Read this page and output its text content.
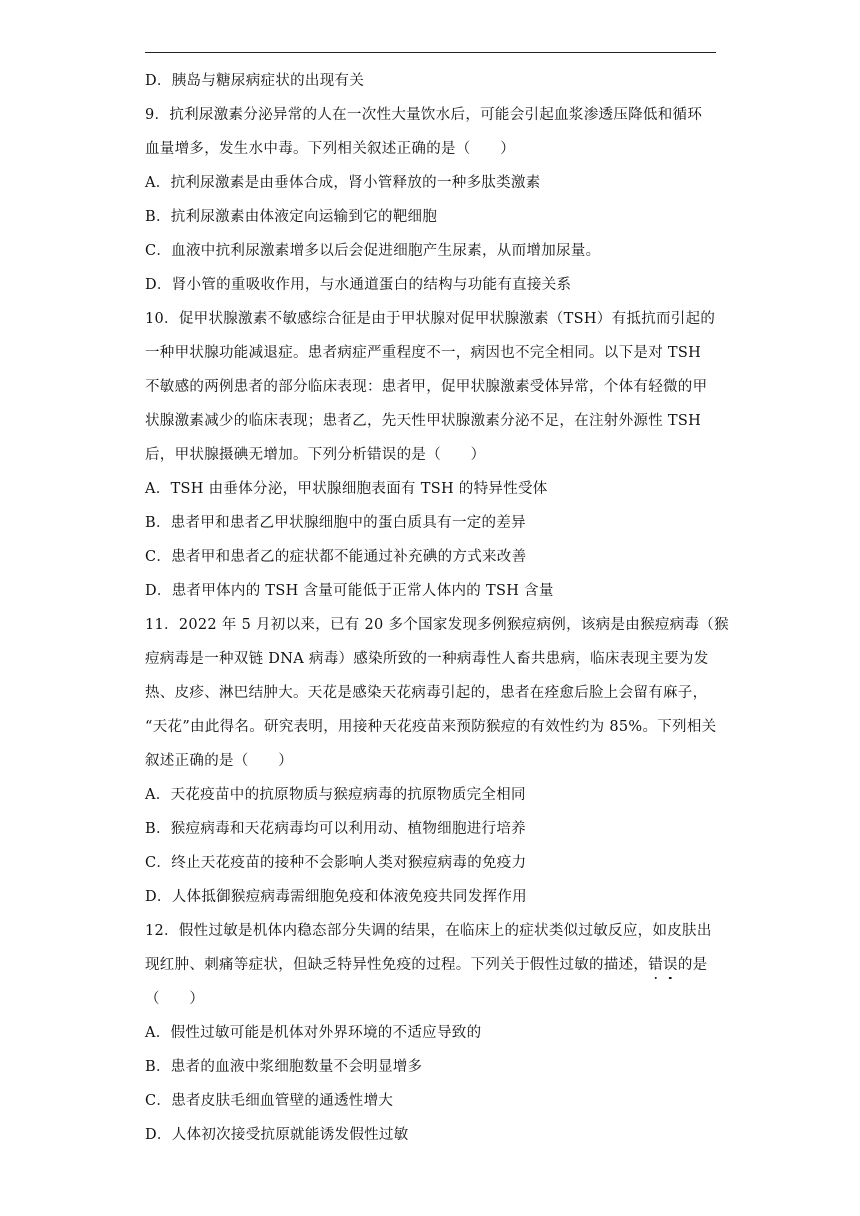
D．胰岛与糖尿病症状的出现有关
9．抗利尿激素分泌异常的人在一次性大量饮水后，可能会引起血浆渗透压降低和循环
血量增多，发生水中毒。下列相关叙述正确的是（　　）
A．抗利尿激素是由垂体合成，肾小管释放的一种多肽类激素
B．抗利尿激素由体液定向运输到它的靶细胞
C．血液中抗利尿激素增多以后会促进细胞产生尿素，从而增加尿量。
D．肾小管的重吸收作用，与水通道蛋白的结构与功能有直接关系
10．促甲状腺激素不敏感综合征是由于甲状腺对促甲状腺激素（TSH）有抵抗而引起的
一种甲状腺功能减退症。患者病症严重程度不一，病因也不完全相同。以下是对 TSH
不敏感的两例患者的部分临床表现：患者甲，促甲状腺激素受体异常，个体有轻微的甲
状腺激素减少的临床表现；患者乙，先天性甲状腺激素分泌不足，在注射外源性 TSH
后，甲状腺摄碘无增加。下列分析错误的是（　　）
A．TSH 由垂体分泌，甲状腺细胞表面有 TSH 的特异性受体
B．患者甲和患者乙甲状腺细胞中的蛋白质具有一定的差异
C．患者甲和患者乙的症状都不能通过补充碘的方式来改善
D．患者甲体内的 TSH 含量可能低于正常人体内的 TSH 含量
11．2022 年 5 月初以来，已有 20 多个国家发现多例猴痘病例，该病是由猴痘病毒（猴
痘病毒是一种双链 DNA 病毒）感染所致的一种病毒性人畜共患病，临床表现主要为发
热、皮疹、淋巴结肿大。天花是感染天花病毒引起的，患者在痊愈后脸上会留有麻子，
“天花”由此得名。研究表明，用接种天花疫苗来预防猴痘的有效性约为 85%。下列相关
叙述正确的是（　　）
A．天花疫苗中的抗原物质与猴痘病毒的抗原物质完全相同
B．猴痘病毒和天花病毒均可以利用动、植物细胞进行培养
C．终止天花疫苗的接种不会影响人类对猴痘病毒的免疫力
D．人体抵御猴痘病毒需细胞免疫和体液免疫共同发挥作用
12．假性过敏是机体内稳态部分失调的结果，在临床上的症状类似过敏反应，如皮肤出
现红肿、刺痛等症状，但缺乏特异性免疫的过程。下列关于假性过敏的描述，错误的是
（　　）
A．假性过敏可能是机体对外界环境的不适应导致的
B．患者的血液中浆细胞数量不会明显增多
C．患者皮肤毛细血管壁的通透性增大
D．人体初次接受抗原就能诱发假性过敏
